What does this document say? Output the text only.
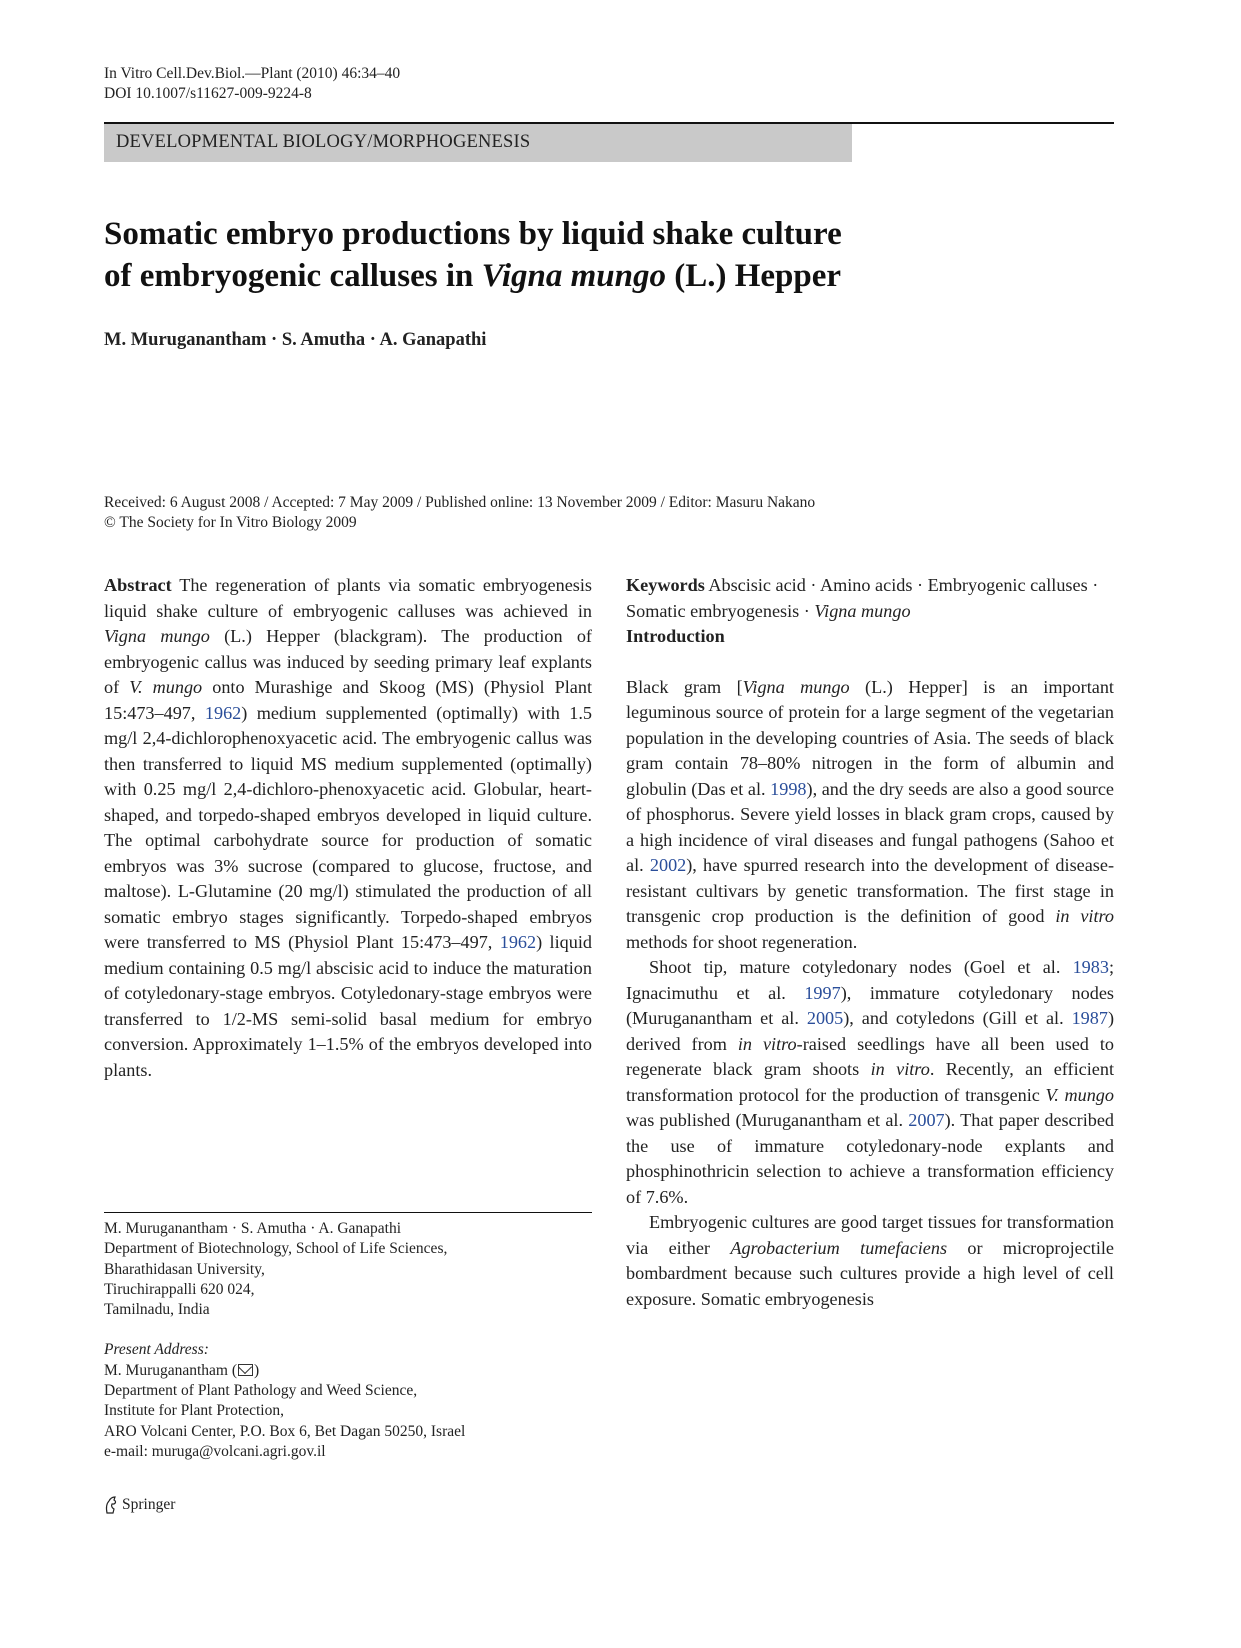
In Vitro Cell.Dev.Biol.—Plant (2010) 46:34–40
DOI 10.1007/s11627-009-9224-8
DEVELOPMENTAL BIOLOGY/MORPHOGENESIS
Somatic embryo productions by liquid shake culture
of embryogenic calluses in Vigna mungo (L.) Hepper
M. Muruganantham · S. Amutha · A. Ganapathi
Received: 6 August 2008 / Accepted: 7 May 2009 / Published online: 13 November 2009 / Editor: Masuru Nakano
© The Society for In Vitro Biology 2009

Abstract The regeneration of plants via somatic embryogenesis liquid shake culture of embryogenic calluses was achieved in Vigna mungo (L.) Hepper (blackgram). The production of embryogenic callus was induced by seeding primary leaf explants of V. mungo onto Murashige and Skoog (MS) (Physiol Plant 15:473–497, 1962) medium supplemented (optimally) with 1.5 mg/l 2,4-dichlorophenoxyacetic acid. The embryogenic callus was then transferred to liquid MS medium supplemented (optimally) with 0.25 mg/l 2,4-dichloro-phenoxyacetic acid. Globular, heart-shaped, and torpedo-shaped embryos developed in liquid culture. The optimal carbohydrate source for production of somatic embryos was 3% sucrose (compared to glucose, fructose, and maltose). L-Glutamine (20 mg/l) stimulated the production of all somatic embryo stages significantly. Torpedo-shaped embryos were transferred to MS (Physiol Plant 15:473–497, 1962) liquid medium containing 0.5 mg/l abscisic acid to induce the maturation of cotyledonary-stage embryos. Cotyledonary-stage embryos were transferred to 1/2-MS semi-solid basal medium for embryo conversion. Approximately 1–1.5% of the embryos developed into plants.

Keywords Abscisic acid · Amino acids · Embryogenic calluses · Somatic embryogenesis · Vigna mungo

Introduction

Black gram [Vigna mungo (L.) Hepper] is an important leguminous source of protein for a large segment of the vegetarian population in the developing countries of Asia. The seeds of black gram contain 78–80% nitrogen in the form of albumin and globulin (Das et al. 1998), and the dry seeds are also a good source of phosphorus. Severe yield losses in black gram crops, caused by a high incidence of viral diseases and fungal pathogens (Sahoo et al. 2002), have spurred research into the development of disease-resistant cultivars by genetic transformation. The first stage in transgenic crop production is the definition of good in vitro methods for shoot regeneration.

Shoot tip, mature cotyledonary nodes (Goel et al. 1983; Ignacimuthu et al. 1997), immature cotyledonary nodes (Muruganantham et al. 2005), and cotyledons (Gill et al. 1987) derived from in vitro-raised seedlings have all been used to regenerate black gram shoots in vitro. Recently, an efficient transformation protocol for the production of transgenic V. mungo was published (Muruganantham et al. 2007). That paper described the use of immature cotyledonary-node explants and phosphinothricin selection to achieve a transformation efficiency of 7.6%.

Embryogenic cultures are good target tissues for transformation via either Agrobacterium tumefaciens or microprojectile bombardment because such cultures provide a high level of cell exposure. Somatic embryogenesis

M. Muruganantham · S. Amutha · A. Ganapathi

Department of Biotechnology, School of Life Sciences,

Bharathidasan University,

Tiruchirappalli 620 024,

Tamilnadu, India

Present Address:

M. Muruganantham ( )

Department of Plant Pathology and Weed Science,

Institute for Plant Protection,

ARO Volcani Center, P.O. Box 6, Bet Dagan 50250, Israel

e-mail: muruga@volcani.agri.gov.il

Springer
